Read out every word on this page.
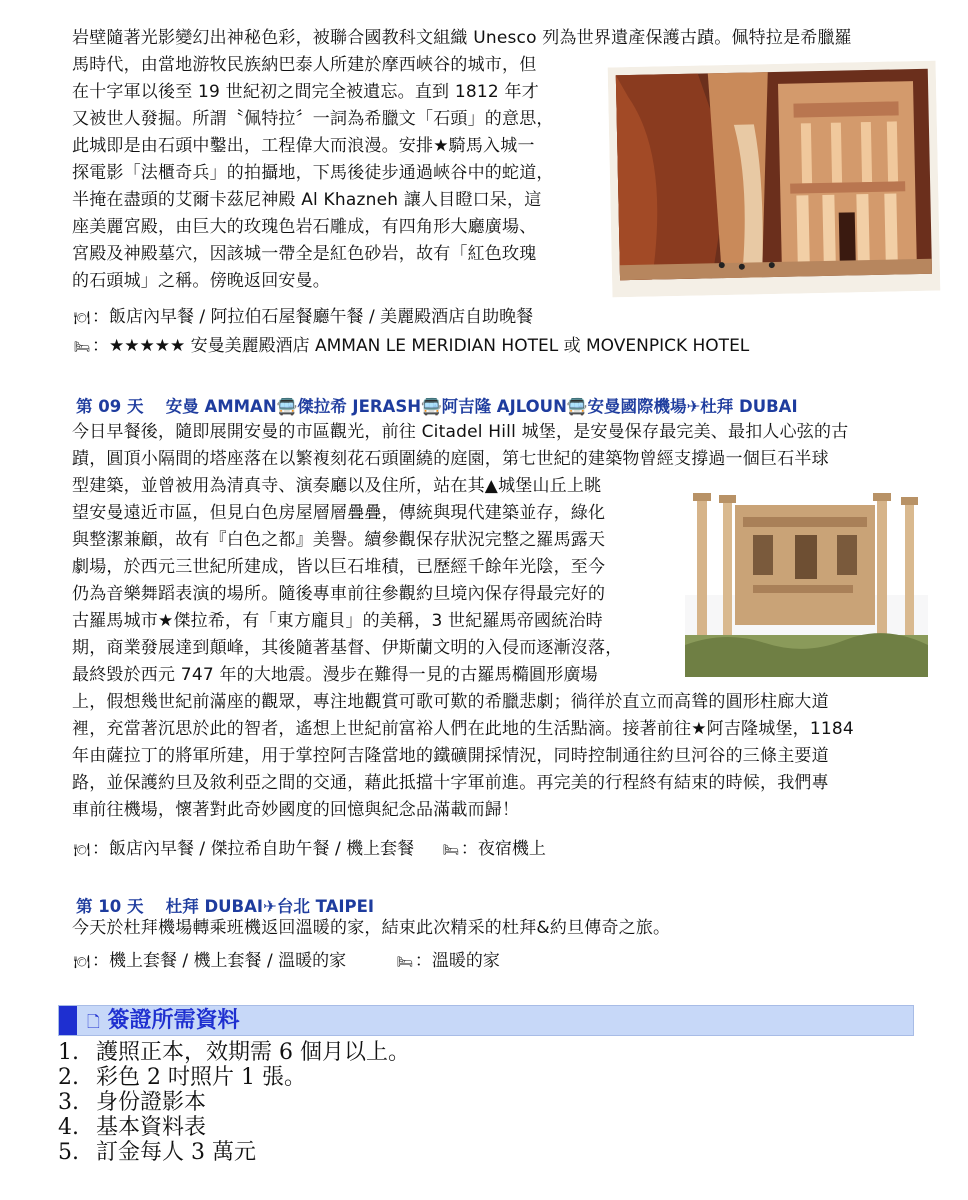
岩壁隨著光影變幻出神秘色彩，被聯合國教科文組織 Unesco 列為世界遺產保護古蹟。佩特拉是希臘羅
馬時代，由當地游牧民族納巴泰人所建於摩西峽谷的城市，但
在十字軍以後至 19 世紀初之間完全被遺忘。直到 1812 年才
又被世人發掘。所謂〝佩特拉〞一詞為希臘文「石頭」的意思，
此城即是由石頭中鑿出，工程偉大而浪漫。安排★騎馬入城一
探電影「法櫃奇兵」的拍攝地，下馬後徒步通過峽谷中的蛇道，
半掩在盡頭的艾爾卡茲尼神殿 Al Khazneh 讓人目瞪口呆，這
座美麗宮殿，由巨大的玫瑰色岩石雕成，有四角形大廳廣場、
宮殿及神殿墓穴，因該城一帶全是紅色砂岩，故有「紅色玫瑰
的石頭城」之稱。傍晚返回安曼。
🍽 ：飯店內早餐 / 阿拉伯石屋餐廳午餐 / 美麗殿酒店自助晚餐
🛏 ：★★★★★ 安曼美麗殿酒店 AMMAN LE MERIDIAN HOTEL 或 MOVENPICK HOTEL
第 09 天　 安曼 AMMAN🚍傑拉希 JERASH🚍阿吉隆 AJLOUN🚍安曼國際機場✈杜拜 DUBAI
今日早餐後，隨即展開安曼的市區觀光，前往 Citadel Hill 城堡，是安曼保存最完美、最扣人心弦的古
蹟，圓頂小隔間的塔座落在以繁複刻花石頭圍繞的庭園，第七世紀的建築物曾經支撐過一個巨石半球
型建築，並曾被用為清真寺、演奏廳以及住所，站在其▲城堡山丘上眺
望安曼遠近市區，但見白色房屋層層疊疊，傳統與現代建築並存，綠化
與整潔兼顧，故有『白色之都』美譽。續參觀保存狀況完整之羅馬露天
劇場，於西元三世紀所建成，皆以巨石堆積，已歷經千餘年光陰，至今
仍為音樂舞蹈表演的場所。隨後專車前往參觀約旦境內保存得最完好的
古羅馬城市★傑拉希，有「東方龐貝」的美稱，3 世紀羅馬帝國統治時
期，商業發展達到顛峰，其後隨著基督、伊斯蘭文明的入侵而逐漸沒落，
最終毀於西元 747 年的大地震。漫步在難得一見的古羅馬橢圓形廣場
上，假想幾世紀前滿座的觀眾，專注地觀賞可歌可歎的希臘悲劇；徜徉於直立而高聳的圓形柱廊大道
裡，充當著沉思於此的智者，遙想上世紀前富裕人們在此地的生活點滴。接著前往★阿吉隆城堡，1184
年由薩拉丁的將軍所建，用于掌控阿吉隆當地的鐵礦開採情況，同時控制通往約旦河谷的三條主要道
路，並保護約旦及敘利亞之間的交通，藉此抵擋十字軍前進。再完美的行程終有結束的時候，我們專
車前往機場，懷著對此奇妙國度的回憶與紀念品滿載而歸！
🍽 ：飯店內早餐 / 傑拉希自助午餐 / 機上套餐 🛏 ：夜宿機上
第 10 天　 杜拜 DUBAI✈台北 TAIPEI
今天於杜拜機場轉乘班機返回溫暖的家，結束此次精采的杜拜&約旦傳奇之旅。
🍽 ：機上套餐 / 機上套餐 / 溫暖的家	🛏 ：溫暖的家
🗋 簽證所需資料
1. 護照正本，效期需 6 個月以上。
2. 彩色 2 吋照片 1 張。
3. 身份證影本
4. 基本資料表
5. 訂金每人 3 萬元
